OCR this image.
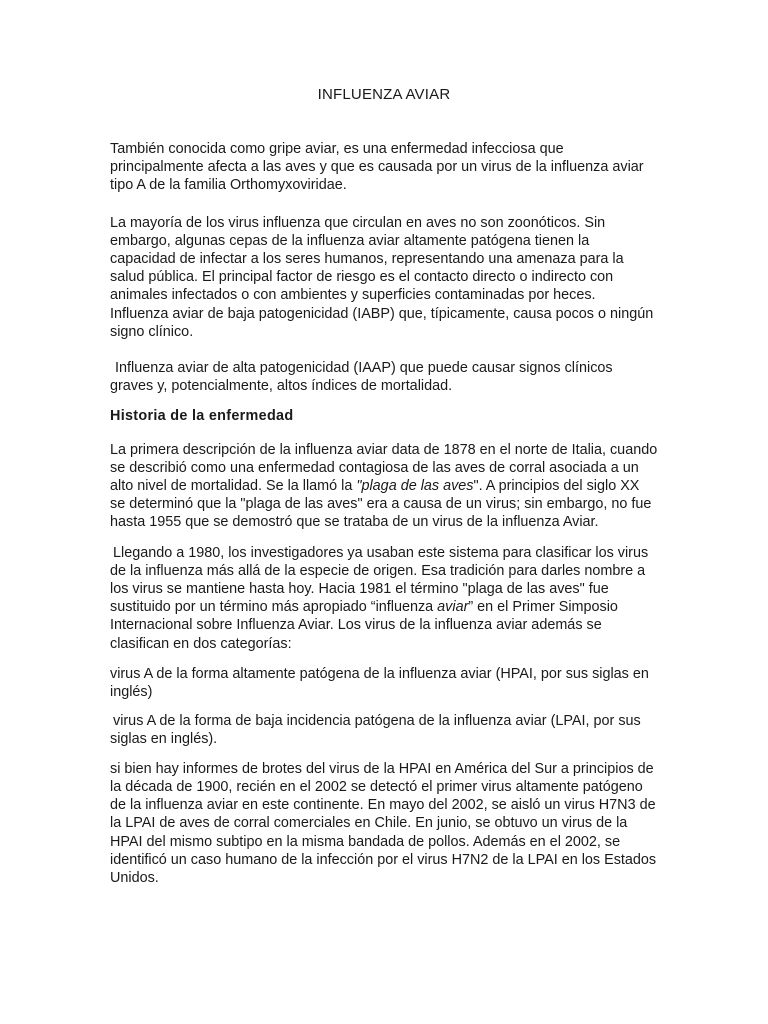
INFLUENZA AVIAR

También conocida como gripe aviar, es una enfermedad infecciosa que principalmente afecta a las aves y que es causada por un virus de la influenza aviar tipo A de la familia Orthomyxoviridae.

La mayoría de los virus influenza que circulan en aves no son zoonóticos. Sin embargo, algunas cepas de la influenza aviar altamente patógena tienen la capacidad de infectar a los seres humanos, representando una amenaza para la salud pública. El principal factor de riesgo es el contacto directo o indirecto con animales infectados o con ambientes y superficies contaminadas por heces.

Influenza aviar de baja patogenicidad (IABP) que, típicamente, causa pocos o ningún signo clínico.

Influenza aviar de alta patogenicidad (IAAP) que puede causar signos clínicos graves y, potencialmente, altos índices de mortalidad.

Historia de la enfermedad

La primera descripción de la influenza aviar data de 1878 en el norte de Italia, cuando se describió como una enfermedad contagiosa de las aves de corral asociada a un alto nivel de mortalidad. Se la llamó la "plaga de las aves". A principios del siglo XX se determinó que la "plaga de las aves" era a causa de un virus; sin embargo, no fue hasta 1955 que se demostró que se trataba de un virus de la influenza Aviar.

Llegando a 1980, los investigadores ya usaban este sistema para clasificar los virus de la influenza más allá de la especie de origen. Esa tradición para darles nombre a los virus se mantiene hasta hoy. Hacia 1981 el término "plaga de las aves" fue sustituido por un término más apropiado “influenza aviar” en el Primer Simposio Internacional sobre Influenza Aviar. Los virus de la influenza aviar además se clasifican en dos categorías:

virus A de la forma altamente patógena de la influenza aviar (HPAI, por sus siglas en inglés)

virus A de la forma de baja incidencia patógena de la influenza aviar (LPAI, por sus siglas en inglés).

si bien hay informes de brotes del virus de la HPAI en América del Sur a principios de la década de 1900, recién en el 2002 se detectó el primer virus altamente patógeno de la influenza aviar en este continente. En mayo del 2002, se aisló un virus H7N3 de la LPAI de aves de corral comerciales en Chile. En junio, se obtuvo un virus de la HPAI del mismo subtipo en la misma bandada de pollos. Además en el 2002, se identificó un caso humano de la infección por el virus H7N2 de la LPAI en los Estados Unidos.
